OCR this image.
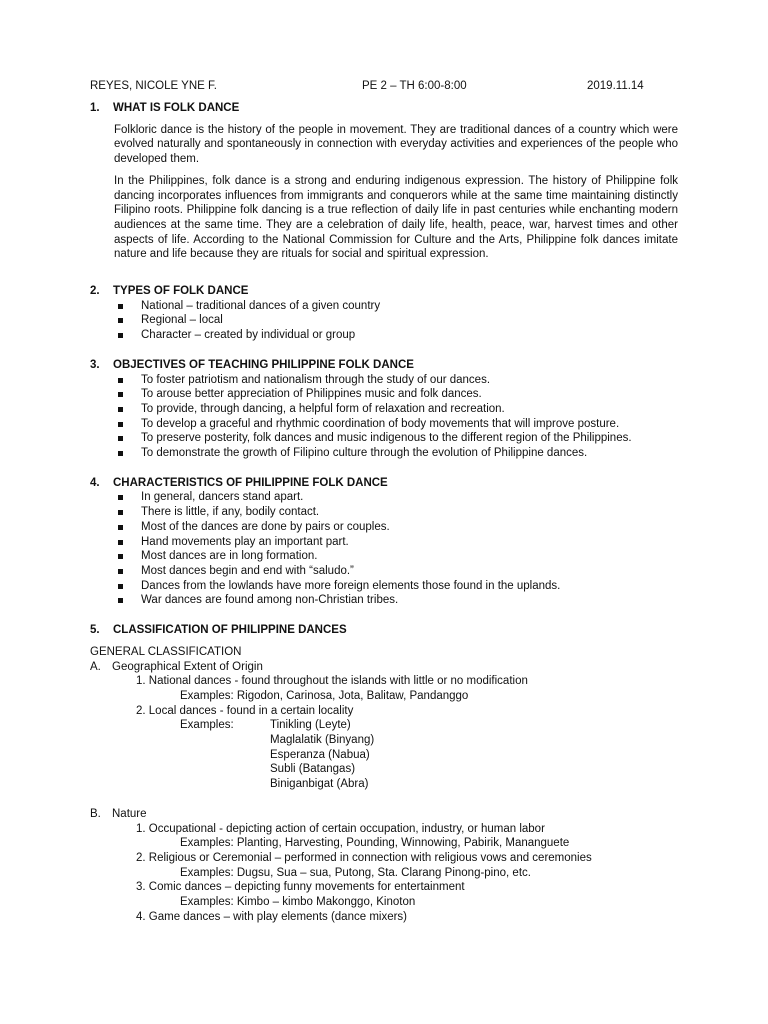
REYES, NICOLE YNE F.	PE 2 – TH 6:00-8:00	2019.11.14
1. WHAT IS FOLK DANCE
Folkloric dance is the history of the people in movement. They are traditional dances of a country which were evolved naturally and spontaneously in connection with everyday activities and experiences of the people who developed them.
In the Philippines, folk dance is a strong and enduring indigenous expression. The history of Philippine folk dancing incorporates influences from immigrants and conquerors while at the same time maintaining distinctly Filipino roots. Philippine folk dancing is a true reflection of daily life in past centuries while enchanting modern audiences at the same time. They are a celebration of daily life, health, peace, war, harvest times and other aspects of life. According to the National Commission for Culture and the Arts, Philippine folk dances imitate nature and life because they are rituals for social and spiritual expression.
2. TYPES OF FOLK DANCE
National – traditional dances of a given country
Regional – local
Character – created by individual or group
3. OBJECTIVES OF TEACHING PHILIPPINE FOLK DANCE
To foster patriotism and nationalism through the study of our dances.
To arouse better appreciation of Philippines music and folk dances.
To provide, through dancing, a helpful form of relaxation and recreation.
To develop a graceful and rhythmic coordination of body movements that will improve posture.
To preserve posterity, folk dances and music indigenous to the different region of the Philippines.
To demonstrate the growth of Filipino culture through the evolution of Philippine dances.
4. CHARACTERISTICS OF PHILIPPINE FOLK DANCE
In general, dancers stand apart.
There is little, if any, bodily contact.
Most of the dances are done by pairs or couples.
Hand movements play an important part.
Most dances are in long formation.
Most dances begin and end with “saludo.”
Dances from the lowlands have more foreign elements those found in the uplands.
War dances are found among non-Christian tribes.
5. CLASSIFICATION OF PHILIPPINE DANCES
GENERAL CLASSIFICATION
A. Geographical Extent of Origin
1. National dances - found throughout the islands with little or no modification
Examples: Rigodon, Carinosa, Jota, Balitaw, Pandanggo
2. Local dances - found in a certain locality
Examples:	Tinikling (Leyte)
Maglalatik (Binyang)
Esperanza (Nabua)
Subli (Batangas)
Biniganbigat (Abra)
B. Nature
1. Occupational - depicting action of certain occupation, industry, or human labor
Examples: Planting, Harvesting, Pounding, Winnowing, Pabirik, Mananguete
2. Religious or Ceremonial – performed in connection with religious vows and ceremonies
Examples: Dugsu, Sua – sua, Putong, Sta. Clarang Pinong-pino, etc.
3. Comic dances – depicting funny movements for entertainment
Examples: Kimbo – kimbo Makonggo, Kinoton
4. Game dances – with play elements (dance mixers)
